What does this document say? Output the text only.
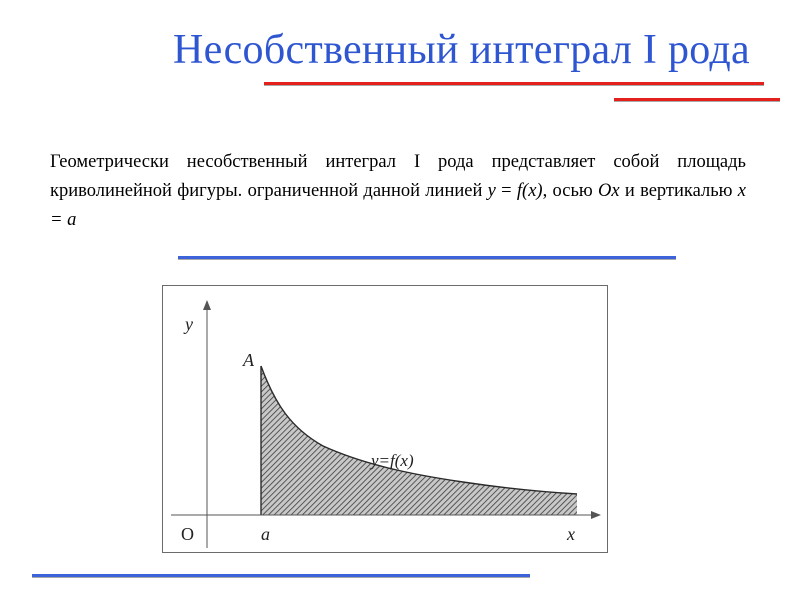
Несобственный интеграл I рода
Геометрически несобственный интеграл I рода представляет собой площадь криволинейной фигуры. ограниченной данной линией y = f(x), осью Ox и вертикалью x = a
y
x
O	a
A
y=f(x)
